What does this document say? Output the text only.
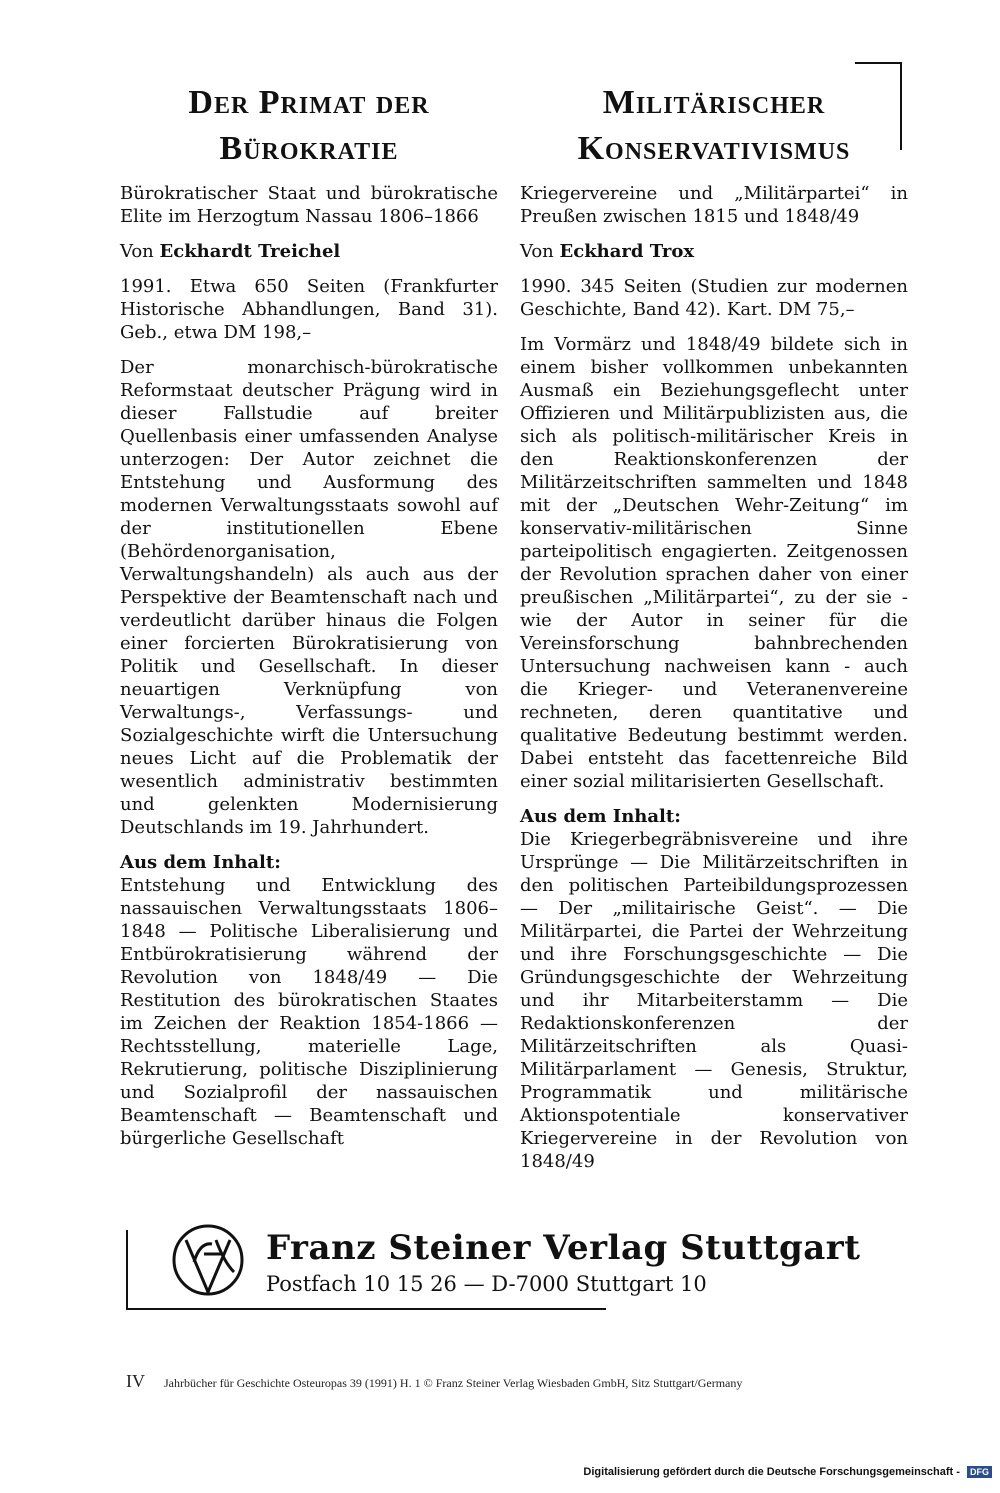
Der Primat der Bürokratie

Bürokratischer Staat und bürokratische Elite im Herzogtum Nassau 1806–1866

Von Eckhardt Treichel

1991. Etwa 650 Seiten (Frankfurter Historische Abhandlungen, Band 31). Geb., etwa DM 198,–

Der monarchisch-bürokratische Reformstaat deutscher Prägung wird in dieser Fallstudie auf breiter Quellenbasis einer umfassenden Analyse unterzogen: Der Autor zeichnet die Entstehung und Ausformung des modernen Verwaltungsstaats sowohl auf der institutionellen Ebene (Behördenorganisation, Verwaltungshandeln) als auch aus der Perspektive der Beamtenschaft nach und verdeutlicht darüber hinaus die Folgen einer forcierten Bürokratisierung von Politik und Gesellschaft. In dieser neuartigen Verknüpfung von Verwaltungs-, Verfassungs- und Sozialgeschichte wirft die Untersuchung neues Licht auf die Problematik der wesentlich administrativ bestimmten und gelenkten Modernisierung Deutschlands im 19. Jahrhundert.

Aus dem Inhalt:

Entstehung und Entwicklung des nassauischen Verwaltungsstaats 1806–1848 — Politische Liberalisierung und Entbürokratisierung während der Revolution von 1848/49 — Die Restitution des bürokratischen Staates im Zeichen der Reaktion 1854-1866 — Rechtsstellung, materielle Lage, Rekrutierung, politische Disziplinierung und Sozialprofil der nassauischen Beamtenschaft — Beamtenschaft und bürgerliche Gesellschaft

Militärischer Konservativismus

Kriegervereine und „Militärpartei“ in Preußen zwischen 1815 und 1848/49

Von Eckhard Trox

1990. 345 Seiten (Studien zur modernen Geschichte, Band 42). Kart. DM 75,–

Im Vormärz und 1848/49 bildete sich in einem bisher vollkommen unbekannten Ausmaß ein Beziehungsgeflecht unter Offizieren und Militärpublizisten aus, die sich als politisch-militärischer Kreis in den Reaktionskonferenzen der Militärzeitschriften sammelten und 1848 mit der „Deutschen Wehr-Zeitung“ im konservativ-militärischen Sinne parteipolitisch engagierten. Zeitgenossen der Revolution sprachen daher von einer preußischen „Militärpartei“, zu der sie - wie der Autor in seiner für die Vereinsforschung bahnbrechenden Untersuchung nachweisen kann - auch die Krieger- und Veteranenvereine rechneten, deren quantitative und qualitative Bedeutung bestimmt werden. Dabei entsteht das facettenreiche Bild einer sozial militarisierten Gesellschaft.

Aus dem Inhalt:

Die Kriegerbegräbnisvereine und ihre Ursprünge — Die Militärzeitschriften in den politischen Parteibildungsprozessen — Der „militairische Geist“. — Die Militärpartei, die Partei der Wehrzeitung und ihre Forschungsgeschichte — Die Gründungsgeschichte der Wehrzeitung und ihr Mitarbeiterstamm — Die Redaktionskonferenzen der Militärzeitschriften als Quasi-Militärparlament — Genesis, Struktur, Programmatik und militärische Aktionspotentiale konservativer Kriegervereine in der Revolution von 1848/49

Franz Steiner Verlag Stuttgart
Postfach 10 15 26 — D-7000 Stuttgart 10
IV Jahrbücher für Geschichte Osteuropas 39 (1991) H. 1 © Franz Steiner Verlag Wiesbaden GmbH, Sitz Stuttgart/Germany
Digitalisierung gefördert durch die Deutsche Forschungsgemeinschaft - DFG
